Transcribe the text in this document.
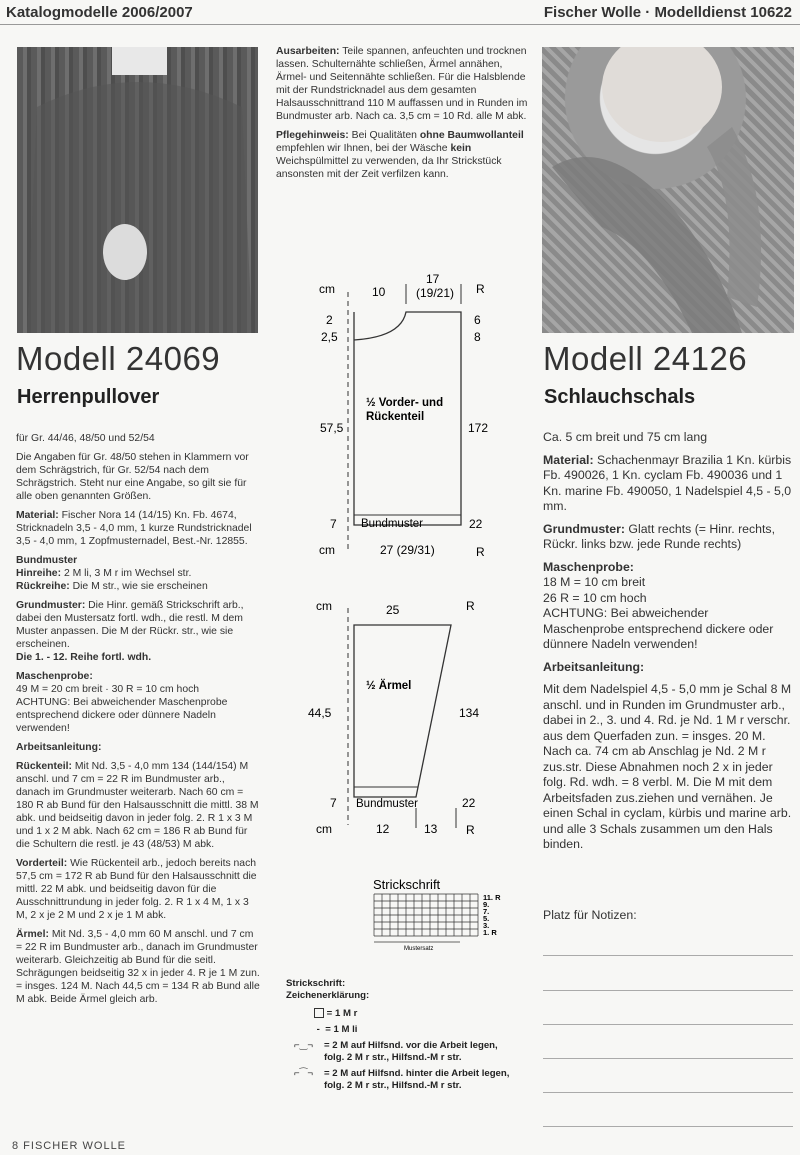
Katalogmodelle 2006/2007	Fischer Wolle · Modelldienst 10622
Modell 24069
Herrenpullover

für Gr. 44/46, 48/50 und 52/54

Die Angaben für Gr. 48/50 stehen in Klammern vor dem Schrägstrich, für Gr. 52/54 nach dem Schrägstrich. Steht nur eine Angabe, so gilt sie für alle oben genannten Größen.

Material: Fischer Nora 14 (14/15) Kn. Fb. 4674, Stricknadeln 3,5 - 4,0 mm, 1 kurze Rundstricknadel 3,5 - 4,0 mm, 1 Zopfmusternadel, Best.-Nr. 12855.

Bundmuster
Hinreihe: 2 M li, 3 M r im Wechsel str.
Rückreihe: Die M str., wie sie erscheinen

Grundmuster: Die Hinr. gemäß Strickschrift arb., dabei den Mustersatz fortl. wdh., die restl. M dem Muster anpassen. Die M der Rückr. str., wie sie erscheinen.
Die 1. - 12. Reihe fortl. wdh.

Maschenprobe:
49 M = 20 cm breit · 30 R = 10 cm hoch
ACHTUNG: Bei abweichender Maschenprobe entsprechend dickere oder dünnere Nadeln verwenden!

Arbeitsanleitung:

Rückenteil: Mit Nd. 3,5 - 4,0 mm 134 (144/154) M anschl. und 7 cm = 22 R im Bundmuster arb., danach im Grundmuster weiterarb. Nach 60 cm = 180 R ab Bund für den Halsausschnitt die mittl. 38 M abk. und beidseitig davon in jeder folg. 2. R 1 x 3 M und 1 x 2 M abk. Nach 62 cm = 186 R ab Bund für die Schultern die restl. je 43 (48/53) M abk.

Vorderteil: Wie Rückenteil arb., jedoch bereits nach 57,5 cm = 172 R ab Bund für den Halsausschnitt die mittl. 22 M abk. und beidseitig davon für die Ausschnittrundung in jeder folg. 2. R 1 x 4 M, 1 x 3 M, 2 x je 2 M und 2 x je 1 M abk.

Ärmel: Mit Nd. 3,5 - 4,0 mm 60 M anschl. und 7 cm = 22 R im Bundmuster arb., danach im Grundmuster weiterarb. Gleichzeitig ab Bund für die seitl. Schrägungen beidseitig 32 x in jeder 4. R je 1 M zun. = insges. 124 M. Nach 44,5 cm = 134 R ab Bund alle M abk. Beide Ärmel gleich arb.

8 FISCHER WOLLE

Ausarbeiten: Teile spannen, anfeuchten und trocknen lassen. Schulternähte schließen, Ärmel annähen, Ärmel- und Seitennähte schließen. Für die Halsblende mit der Rundstricknadel aus dem gesamten Halsausschnittrand 110 M auffassen und in Runden im Bundmuster arb. Nach ca. 3,5 cm = 10 Rd. alle M abk.

Pflegehinweis: Bei Qualitäten ohne Baumwollanteil empfehlen wir Ihnen, bei der Wäsche kein Weichspülmittel zu verwenden, da Ihr Strickstück ansonsten mit der Zeit verfilzen kann.

cm	R
10
17
(19/21)
2
2,5
6
8
½ Vorder- und
Rückenteil
57,5	172
7 Bundmuster	22
cm	R
27 (29/31)
cm	R
25
½ Ärmel
44,5	134
7 Bundmuster	22
cm	R
12	13
Strickschrift
11. R
9.
7.
5.
3.
1. R
Mustersatz
Strickschrift:
Zeichenerklärung:
= 1 M r
-  = 1 M li
⌐‿¬	= 2 M auf Hilfsnd. vor die Arbeit legen,
folg. 2 M r str., Hilfsnd.-M r str.
⌐⁀¬	= 2 M auf Hilfsnd. hinter die Arbeit legen,
folg. 2 M r str., Hilfsnd.-M r str.
Modell 24126
Schlauchschals

Ca. 5 cm breit und 75 cm lang

Material: Schachenmayr Brazilia 1 Kn. kürbis Fb. 490026, 1 Kn. cyclam Fb. 490036 und 1 Kn. marine Fb. 490050, 1 Nadelspiel 4,5 - 5,0 mm.

Grundmuster: Glatt rechts (= Hinr. rechts, Rückr. links bzw. jede Runde rechts)

Maschenprobe:
18 M = 10 cm breit
26 R = 10 cm hoch
ACHTUNG: Bei abweichender Maschenprobe entsprechend dickere oder dünnere Nadeln verwenden!

Arbeitsanleitung:

Mit dem Nadelspiel 4,5 - 5,0 mm je Schal 8 M anschl. und in Runden im Grundmuster arb., dabei in 2., 3. und 4. Rd. je Nd. 1 M r verschr. aus dem Querfaden zun. = insges. 20 M. Nach ca. 74 cm ab Anschlag je Nd. 2 M r zus.str. Diese Abnahmen noch 2 x in jeder folg. Rd. wdh. = 8 verbl. M. Die M mit dem Arbeitsfaden zus.ziehen und vernähen. Je einen Schal in cyclam, kürbis und marine arb. und alle 3 Schals zusammen um den Hals binden.

Platz für Notizen:
